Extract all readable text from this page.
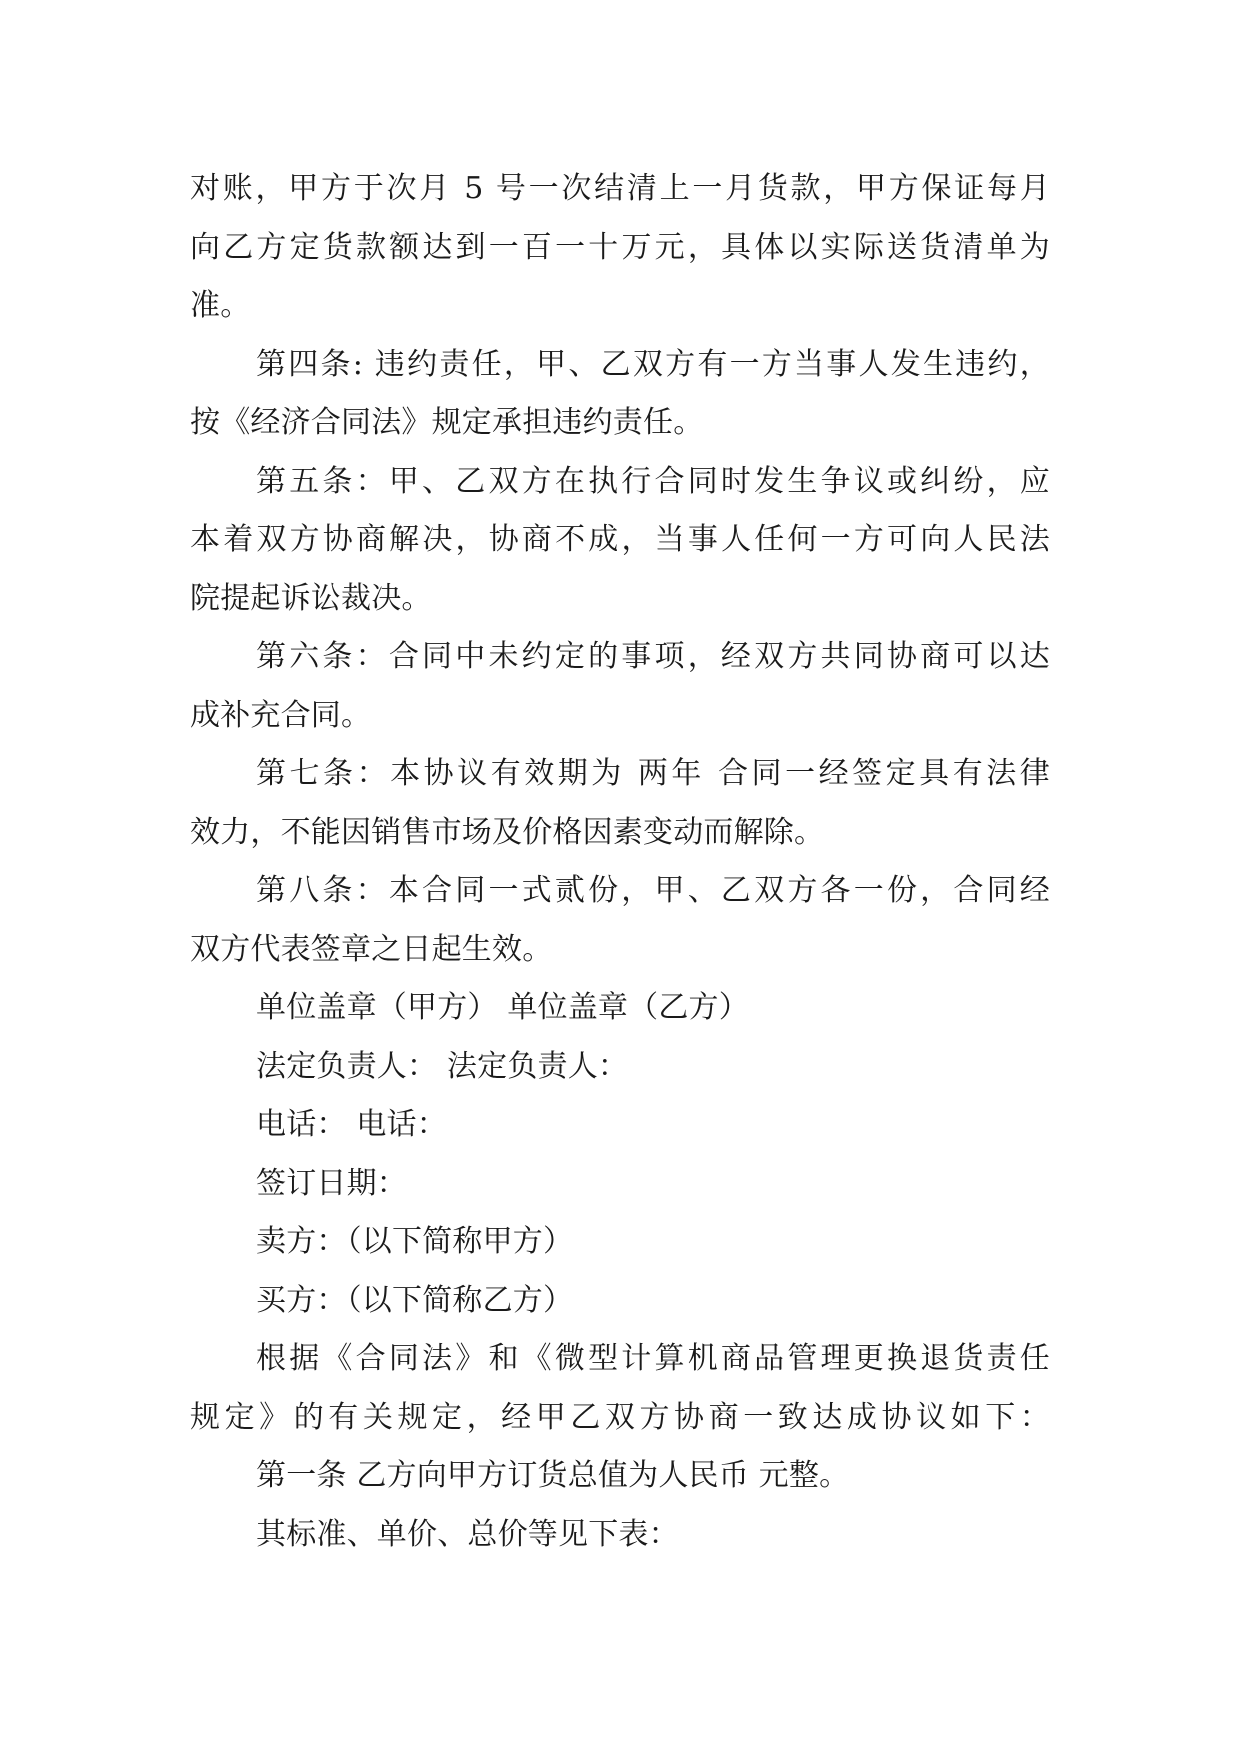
对账，甲方于次月 5 号一次结清上一月货款，甲方保证每月
向乙方定货款额达到一百一十万元，具体以实际送货清单为
准。
第四条: 违约责任，甲、乙双方有一方当事人发生违约，
按《经济合同法》规定承担违约责任。
第五条：甲、乙双方在执行合同时发生争议或纠纷，应
本着双方协商解决，协商不成，当事人任何一方可向人民法
院提起诉讼裁决。
第六条：合同中未约定的事项，经双方共同协商可以达
成补充合同。
第七条：本协议有效期为 两年 合同一经签定具有法律
效力，不能因销售市场及价格因素变动而解除。
第八条：本合同一式贰份，甲、乙双方各一份，合同经
双方代表签章之日起生效。
单位盖章（甲方） 单位盖章（乙方）
法定负责人： 法定负责人：
电话： 电话：
签订日期：
卖方：（以下简称甲方）
买方：（以下简称乙方）
根据《合同法》和《微型计算机商品管理更换退货责任
规定》的有关规定，经甲乙双方协商一致达成协议如下：
第一条 乙方向甲方订货总值为人民币 元整。
其标准、单价、总价等见下表：
